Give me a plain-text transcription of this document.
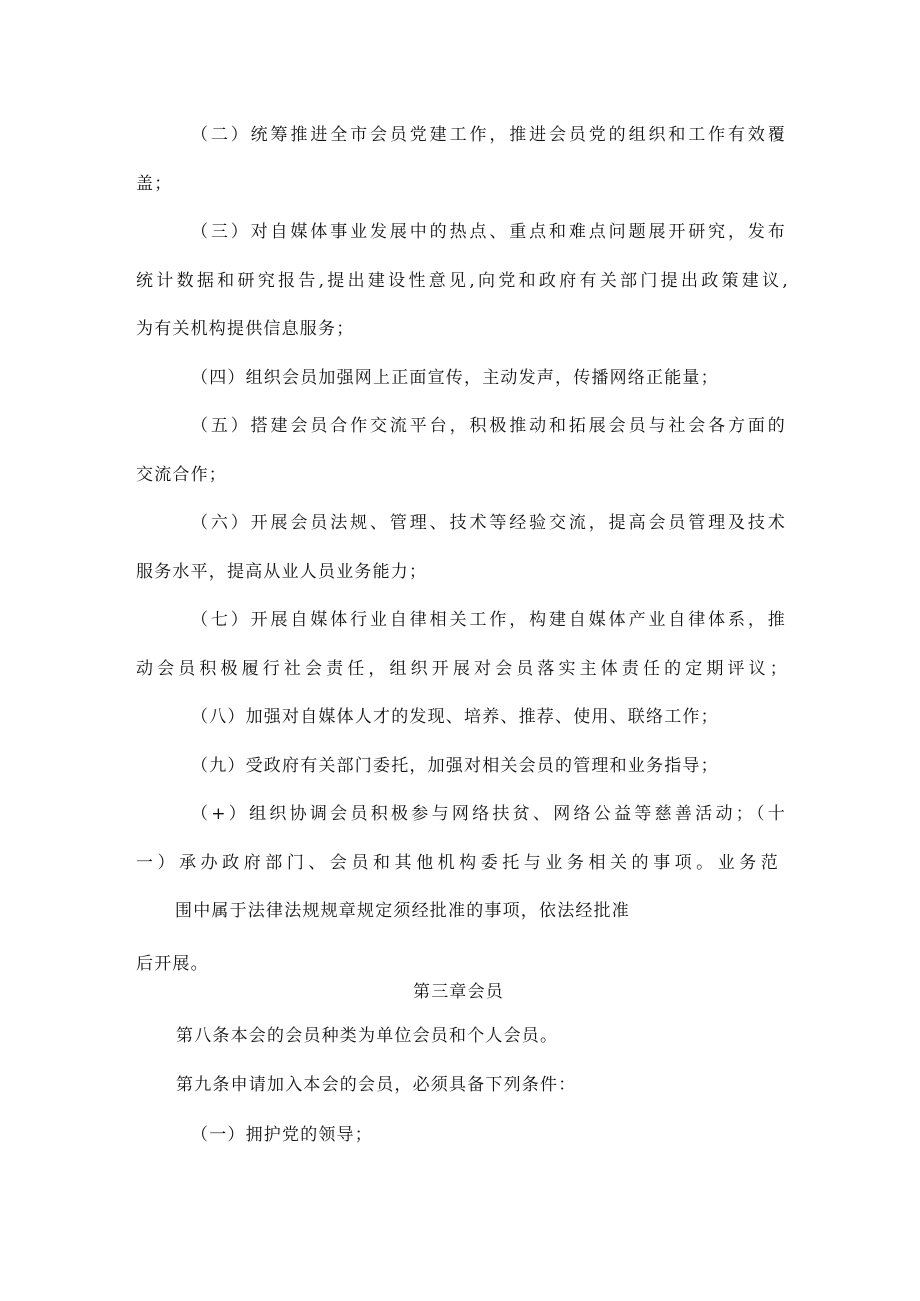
（二）统筹推进全市会员党建工作，推进会员党的组织和工作有效覆
盖；
（三）对自媒体事业发展中的热点、重点和难点问题展开研究，发布
统计数据和研究报告,提出建设性意见,向党和政府有关部门提出政策建议,
为有关机构提供信息服务；
（四）组织会员加强网上正面宣传，主动发声，传播网络正能量；
（五）搭建会员合作交流平台，积极推动和拓展会员与社会各方面的
交流合作；
（六）开展会员法规、管理、技术等经验交流，提高会员管理及技术
服务水平，提高从业人员业务能力；
（七）开展自媒体行业自律相关工作，构建自媒体产业自律体系，推
动会员积极履行社会责任，组织开展对会员落实主体责任的定期评议；
（八）加强对自媒体人才的发现、培养、推荐、使用、联络工作；
（九）受政府有关部门委托，加强对相关会员的管理和业务指导；
（+）组织协调会员积极参与网络扶贫、网络公益等慈善活动；（十
一）承办政府部门、会员和其他机构委托与业务相关的事项。业务范
围中属于法律法规规章规定须经批准的事项，依法经批准
后开展。
第三章会员
第八条本会的会员种类为单位会员和个人会员。
第九条申请加入本会的会员，必须具备下列条件：
（一）拥护党的领导；
